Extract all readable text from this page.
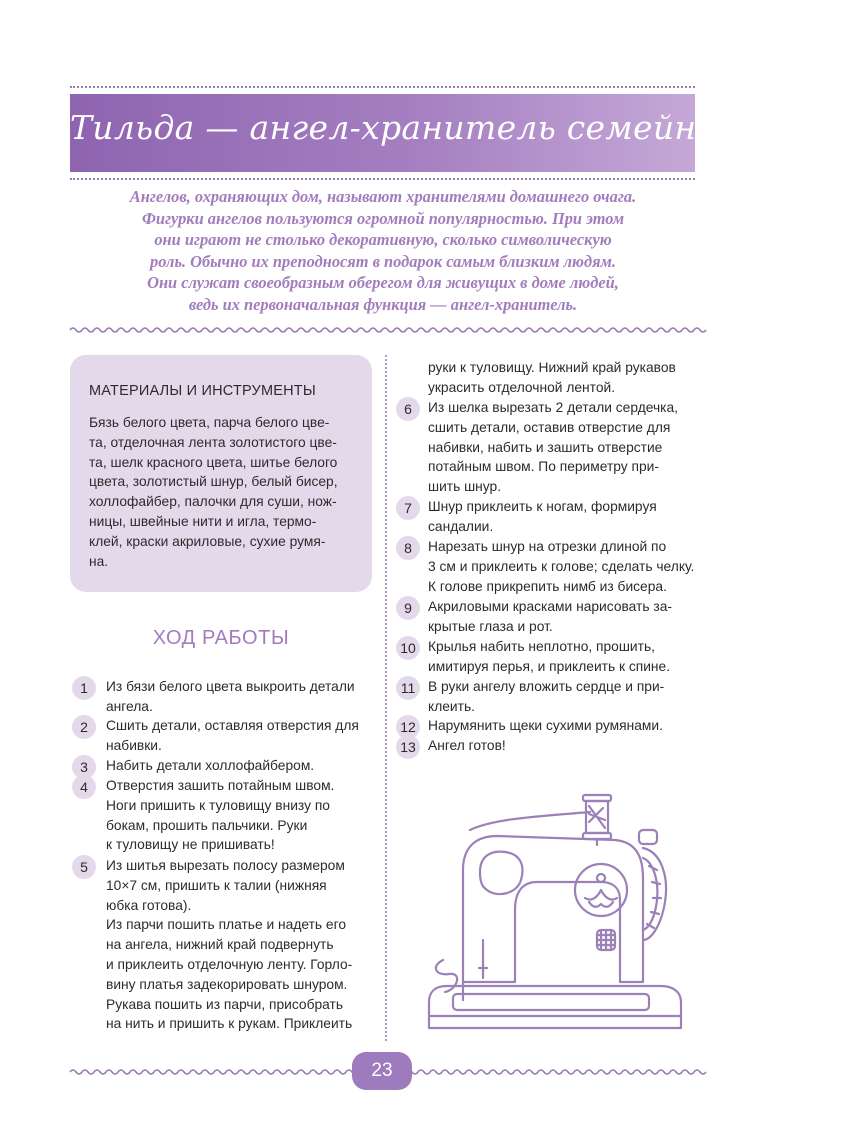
Тильда — ангел-хранитель семейного очага
Ангелов, охраняющих дом, называют хранителями домашнего очага.
Фигурки ангелов пользуются огромной популярностью. При этом
они играют не столько декоративную, сколько символическую
роль. Обычно их преподносят в подарок самым близким людям.
Они служат своеобразным оберегом для живущих в доме людей,
ведь их первоначальная функция — ангел-хранитель.
МАТЕРИАЛЫ И ИНСТРУМЕНТЫ
Бязь белого цвета, парча белого цве-
та, отделочная лента золотистого цве-
та, шелк красного цвета, шитье белого
цвета, золотистый шнур, белый бисер,
холлофайбер, палочки для суши, нож-
ницы, швейные нити и игла, термо-
клей, краски акриловые, сухие румя-
на.
ХОД РАБОТЫ
1	Из бязи белого цвета выкроить детали
ангела.
2	Сшить детали, оставляя отверстия для
набивки.
3	Набить детали холлофайбером.
4	Отверстия зашить потайным швом.
Ноги пришить к туловищу внизу по
бокам, прошить пальчики. Руки
к туловищу не пришивать!
5	Из шитья вырезать полосу размером
10×7 см, пришить к талии (нижняя
юбка готова).
Из парчи пошить платье и надеть его
на ангела, нижний край подвернуть
и приклеить отделочную ленту. Горло-
вину платья задекорировать шнуром.
Рукава пошить из парчи, присобрать
на нить и пришить к рукам. Приклеить
руки к туловищу. Нижний край рукавов
украсить отделочной лентой.
6	Из шелка вырезать 2 детали сердечка,
сшить детали, оставив отверстие для
набивки, набить и зашить отверстие
потайным швом. По периметру при-
шить шнур.
7	Шнур приклеить к ногам, формируя
сандалии.
8	Нарезать шнур на отрезки длиной по
3 см и приклеить к голове; сделать челку.
К голове прикрепить нимб из бисера.
9	Акриловыми красками нарисовать за-
крытые глаза и рот.
10 Крылья набить неплотно, прошить,
имитируя перья, и приклеить к спине.
11 В руки ангелу вложить сердце и при-
клеить.
12 Нарумянить щеки сухими румянами.
13 Ангел готов!
23
